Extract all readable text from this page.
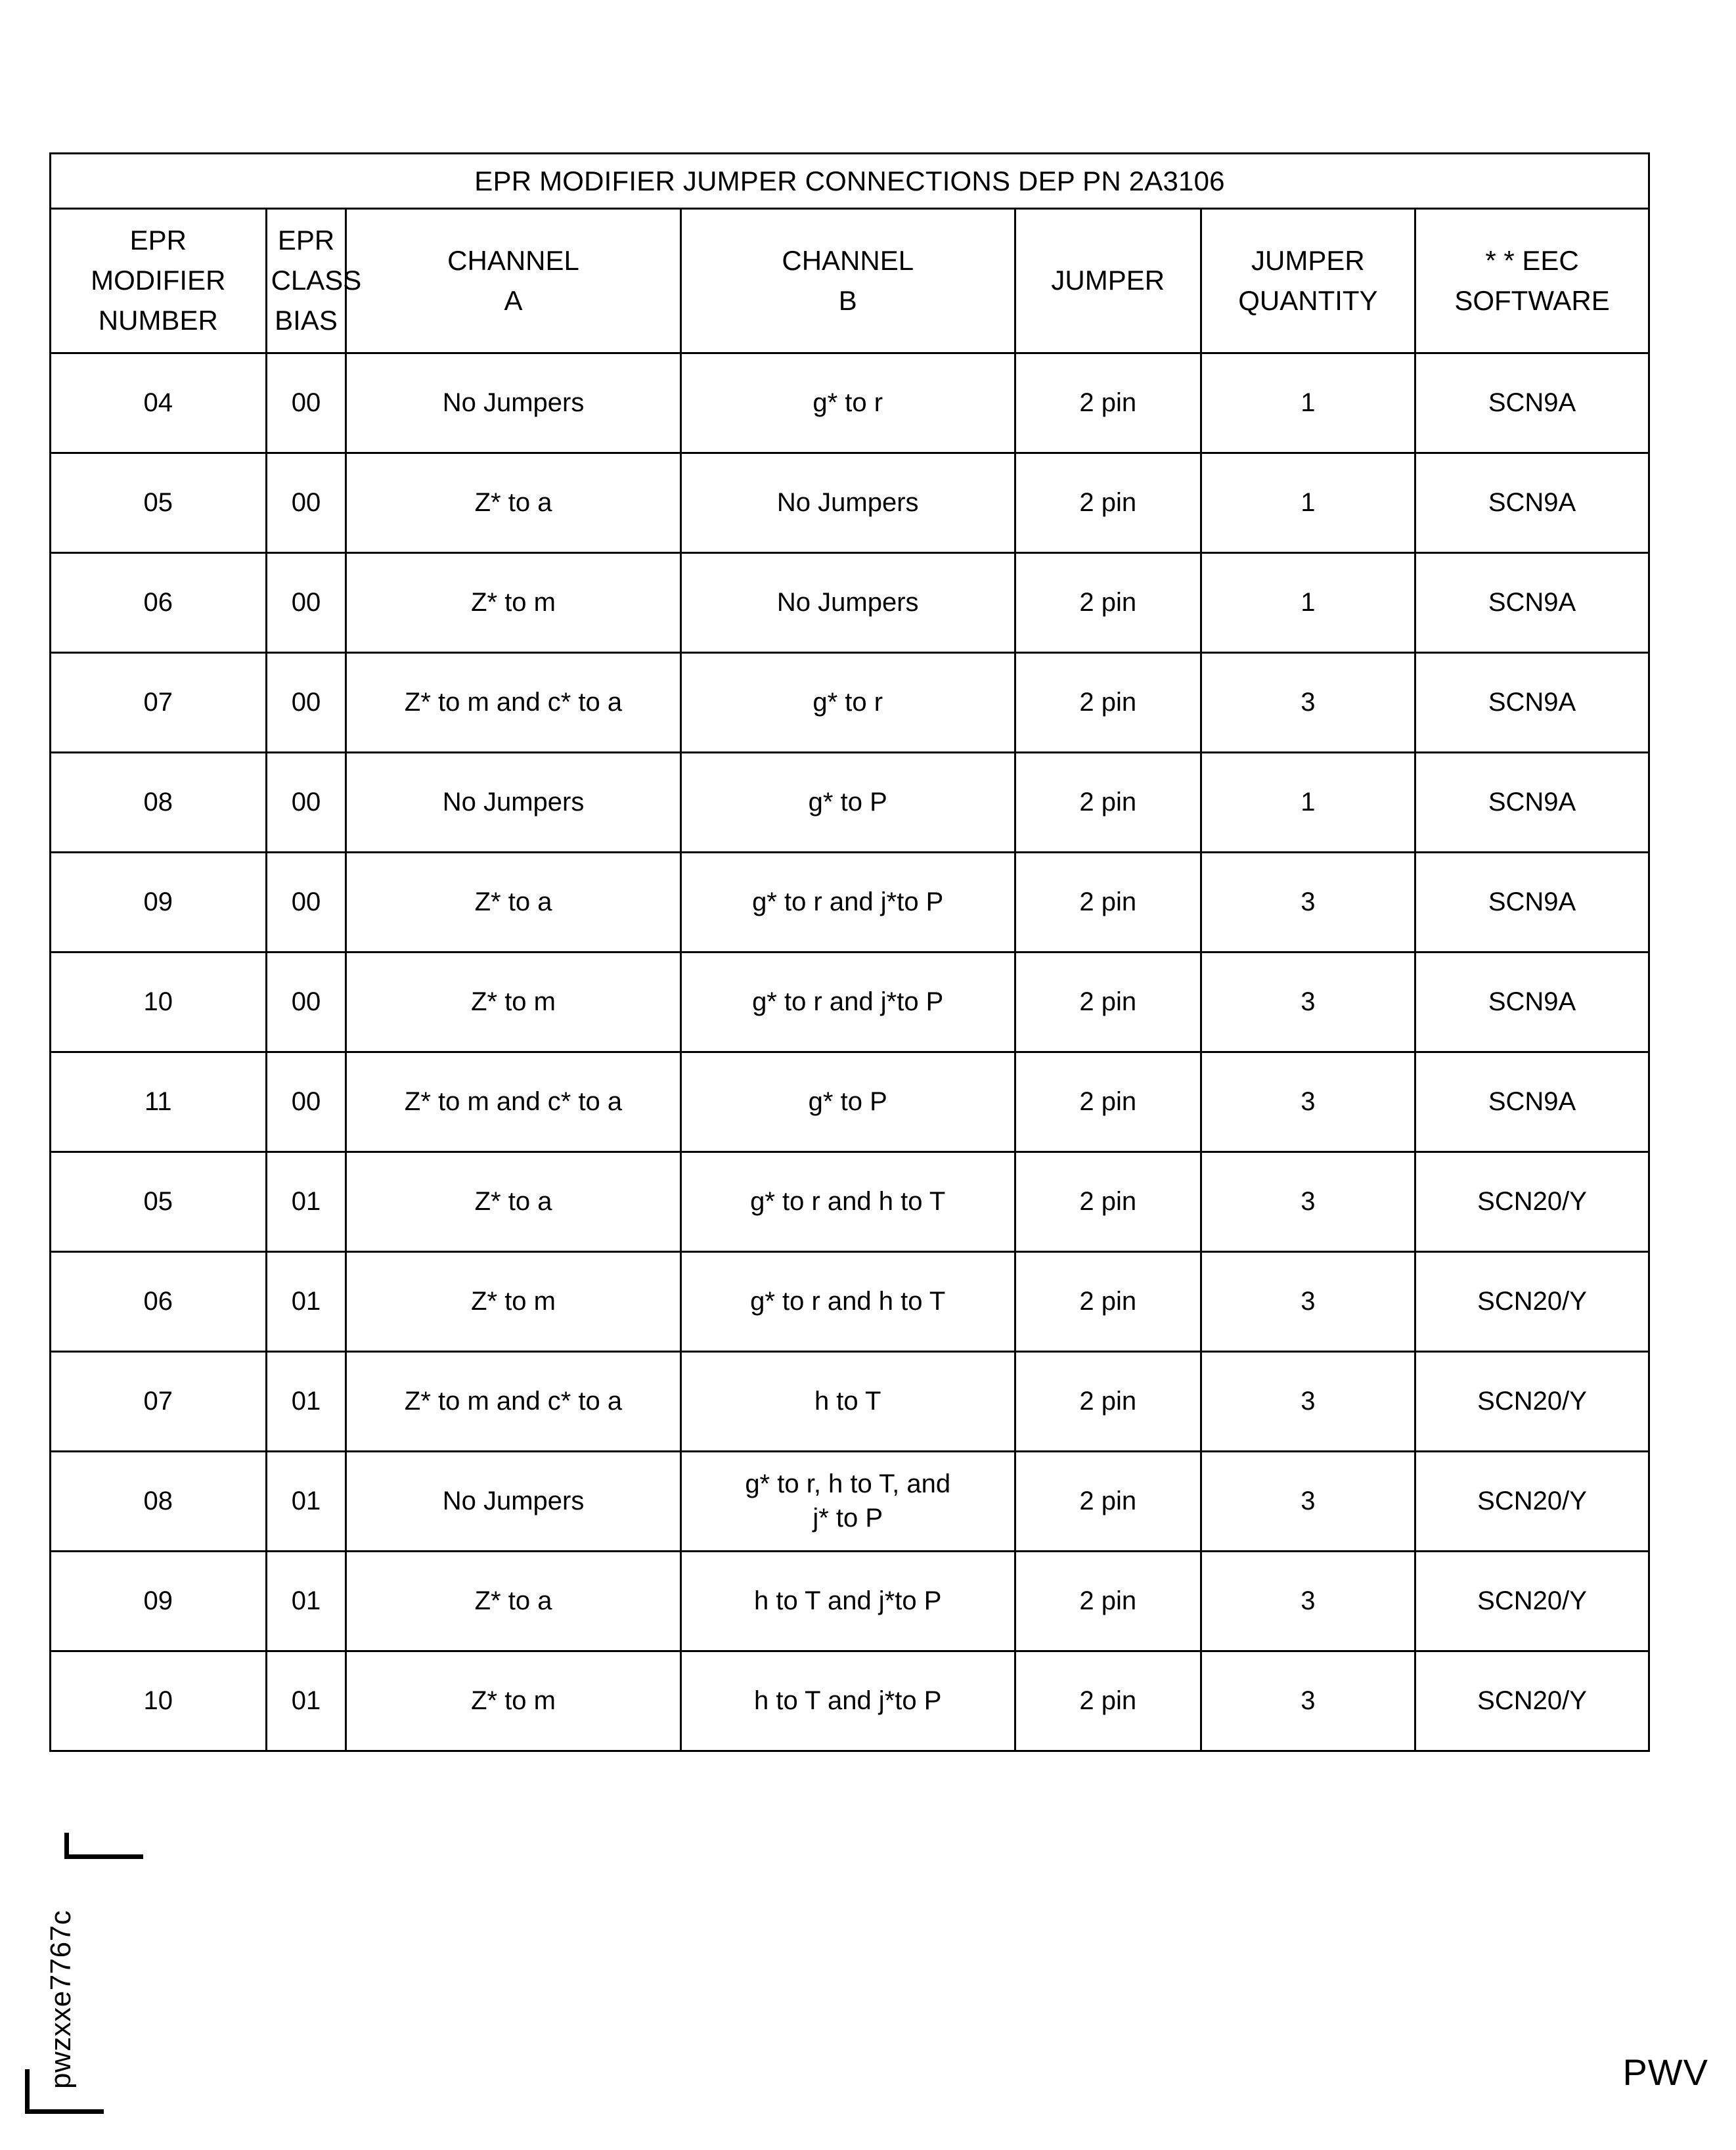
EPR MODIFIER JUMPER CONNECTIONS DEP PN 2A3106						
EPR
MODIFIER
NUMBER	EPR
CLASS
BIAS	CHANNEL
A	CHANNEL
B	JUMPER	JUMPER
QUANTITY	* * EEC
SOFTWARE
04	00	No Jumpers	g* to r	2 pin	1	SCN9A
05	00	Z* to a	No Jumpers	2 pin	1	SCN9A
06	00	Z* to m	No Jumpers	2 pin	1	SCN9A
07	00	Z* to m and c* to a	g* to r	2 pin	3	SCN9A
08	00	No Jumpers	g* to P	2 pin	1	SCN9A
09	00	Z* to a	g* to r and j*to P	2 pin	3	SCN9A
10	00	Z* to m	g* to r and j*to P	2 pin	3	SCN9A
11	00	Z* to m and c* to a	g* to P	2 pin	3	SCN9A
05	01	Z* to a	g* to r and h to T	2 pin	3	SCN20/Y
06	01	Z* to m	g* to r and h to T	2 pin	3	SCN20/Y
07	01	Z* to m and c* to a	h to T	2 pin	3	SCN20/Y
08	01	No Jumpers	g* to r, h to T, and
j* to P	2 pin	3	SCN20/Y
09	01	Z* to a	h to T and j*to P	2 pin	3	SCN20/Y
10	01	Z* to m	h to T and j*to P	2 pin	3	SCN20/Y
pwzxxe7767c	PWV
